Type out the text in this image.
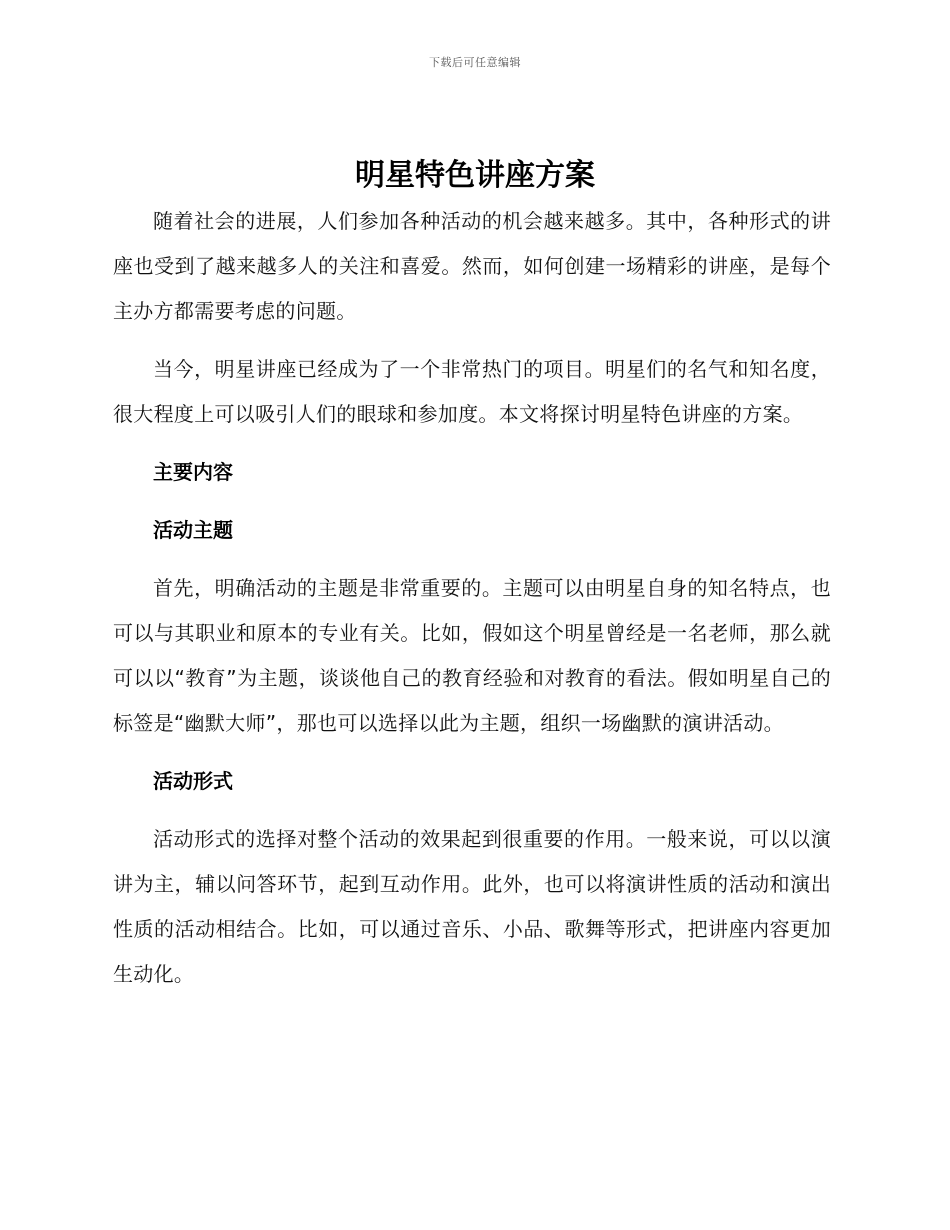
下载后可任意编辑
明星特色讲座方案

随着社会的进展，人们参加各种活动的机会越来越多。其中，各种形式的讲座也受到了越来越多人的关注和喜爱。然而，如何创建一场精彩的讲座，是每个主办方都需要考虑的问题。

当今，明星讲座已经成为了一个非常热门的项目。明星们的名气和知名度，很大程度上可以吸引人们的眼球和参加度。本文将探讨明星特色讲座的方案。

主要内容
活动主题

首先，明确活动的主题是非常重要的。主题可以由明星自身的知名特点，也可以与其职业和原本的专业有关。比如，假如这个明星曾经是一名老师，那么就可以以“教育”为主题，谈谈他自己的教育经验和对教育的看法。假如明星自己的标签是“幽默大师”，那也可以选择以此为主题，组织一场幽默的演讲活动。

活动形式

活动形式的选择对整个活动的效果起到很重要的作用。一般来说，可以以演讲为主，辅以问答环节，起到互动作用。此外，也可以将演讲性质的活动和演出性质的活动相结合。比如，可以通过音乐、小品、歌舞等形式，把讲座内容更加生动化。
